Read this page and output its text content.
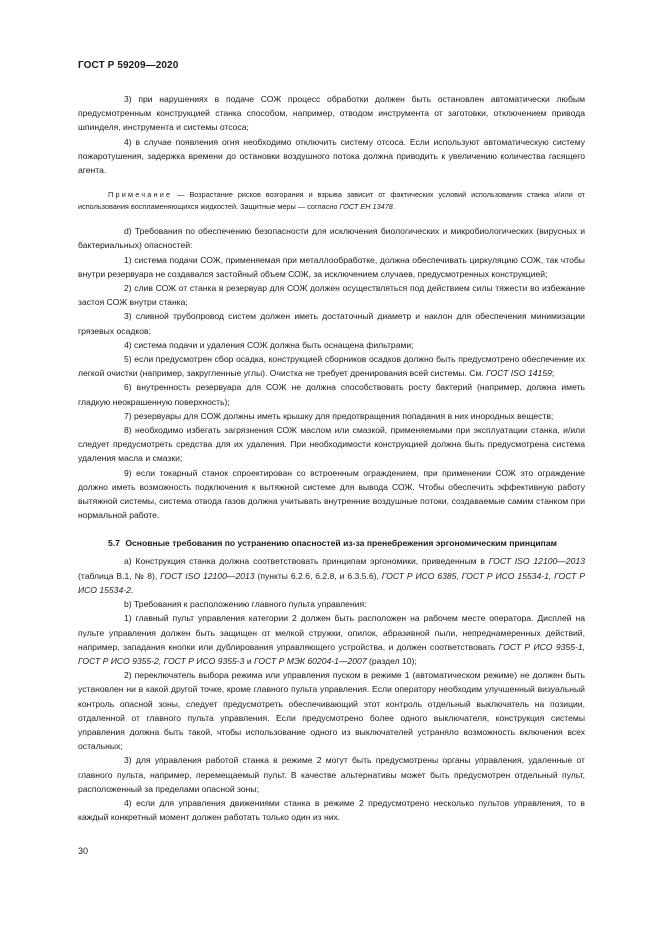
ГОСТ Р 59209—2020

3) при нарушениях в подаче СОЖ процесс обработки должен быть остановлен автоматически любым предусмотренным конструкцией станка способом, например, отводом инструмента от заготовки, отключением привода шпинделя, инструмента и системы отсоса;

4) в случае появления огня необходимо отключить систему отсоса. Если используют автоматическую систему пожаротушения, задержка времени до остановки воздушного потока должна приводить к увеличению количества гасящего агента.

Примечание — Возрастание рисков возгорания и взрыва зависит от фактических условий использования станка и/или от использования воспламеняющихся жидкостей. Защитные меры — согласно ГОСТ EH 13478.

d) Требования по обеспечению безопасности для исключения биологических и микробиологических (вирусных и бактериальных) опасностей:

1) система подачи СОЖ, применяемая при металлообработке, должна обеспечивать циркуляцию СОЖ, так чтобы внутри резервуара не создавался застойный объем СОЖ, за исключением случаев, предусмотренных конструкцией;

2) слив СОЖ от станка в резервуар для СОЖ должен осуществляться под действием силы тяжести во избежание застоя СОЖ внутри станка;

3) сливной трубопровод систем должен иметь достаточный диаметр и наклон для обеспечения минимизации грязевых осадков;

4) система подачи и удаления СОЖ должна быть оснащена фильтрами;

5) если предусмотрен сбор осадка, конструкцией сборников осадков должно быть предусмотрено обеспечение их легкой очистки (например, закругленные углы). Очистка не требует дренирования всей системы. См. ГОСТ ISO 14159;

6) внутренность резервуара для СОЖ не должна способствовать росту бактерий (например, должна иметь гладкую неокрашенную поверхность);

7) резервуары для СОЖ должны иметь крышку для предотвращения попадания в них инородных веществ;

8) необходимо избегать загрязнения СОЖ маслом или смазкой, применяемыми при эксплуатации станка, и/или следует предусмотреть средства для их удаления. При необходимости конструкцией должна быть предусмотрена система удаления масла и смазки;

9) если токарный станок спроектирован со встроенным ограждением, при применении СОЖ это ограждение должно иметь возможность подключения к вытяжной системе для вывода СОЖ. Чтобы обеспечить эффективную работу вытяжной системы, система отвода газов должна учитывать внутренние воздушные потоки, создаваемые самим станком при нормальной работе.

5.7 Основные требования по устранению опасностей из-за пренебрежения эргономическим принципам

a) Конструкция станка должна соответствовать принципам эргономики, приведенным в ГОСТ ISO 12100—2013 (таблица В.1, № 8), ГОСТ ISO 12100—2013 (пункты 6.2.6, 6.2.8, и 6.3.5.6), ГОСТ Р ИСО 6385, ГОСТ Р ИСО 15534-1, ГОСТ Р ИСО 15534-2.

b) Требования к расположению главного пульта управления:

1) главный пульт управления категории 2 должен быть расположен на рабочем месте оператора. Дисплей на пульте управления должен быть защищен от мелкой стружки, опилок, абразивной пыли, непреднамеренных действий, например, западания кнопки или дублирования управляющего устройства, и должен соответствовать ГОСТ Р ИСО 9355-1, ГОСТ Р ИСО 9355-2, ГОСТ Р ИСО 9355-3 и ГОСТ Р МЭК 60204-1—2007 (раздел 10);

2) переключатель выбора режима или управления пуском в режиме 1 (автоматическом режиме) не должен быть установлен ни в какой другой точке, кроме главного пульта управления. Если оператору необходим улучшенный визуальный контроль опасной зоны, следует предусмотреть обеспечивающий этот контроль отдельный выключатель на позиции, отдаленной от главного пульта управления. Если предусмотрено более одного выключателя, конструкция системы управления должна быть такой, чтобы использование одного из выключателей устраняло возможность включения всех остальных;

3) для управления работой станка в режиме 2 могут быть предусмотрены органы управления, удаленные от главного пульта, например, перемещаемый пульт. В качестве альтернативы может быть предусмотрен отдельный пульт, расположенный за пределами опасной зоны;

4) если для управления движениями станка в режиме 2 предусмотрено несколько пультов управления, то в каждый конкретный момент должен работать только один из них.

30
